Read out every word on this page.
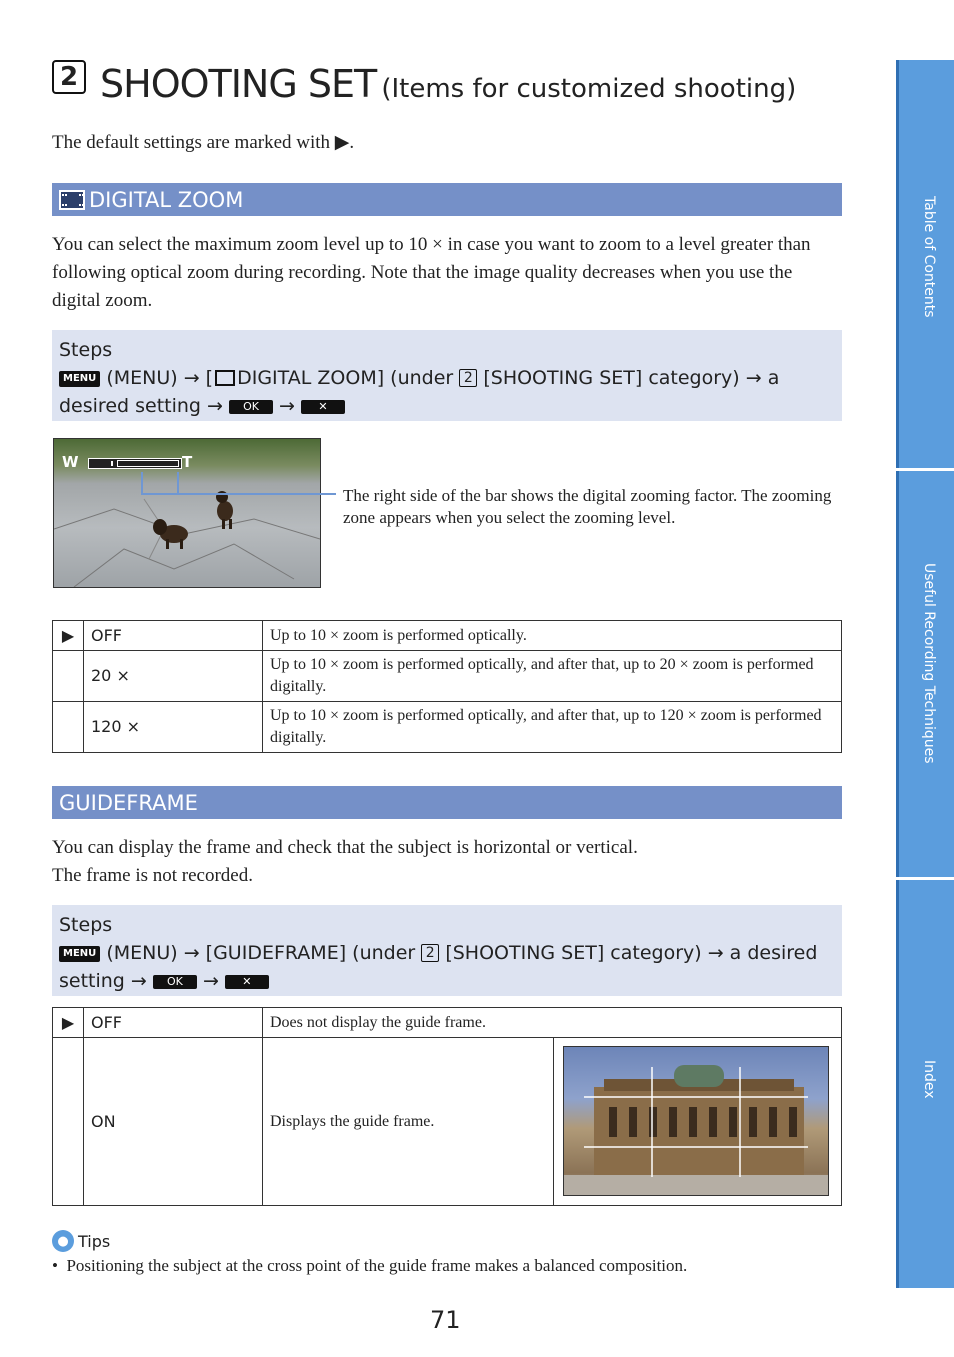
2 SHOOTING SET (Items for customized shooting)
The default settings are marked with ▶.
DIGITAL ZOOM
You can select the maximum zoom level up to 10 × in case you want to zoom to a level greater than following optical zoom during recording. Note that the image quality decreases when you use the digital zoom.
Steps
MENU (MENU) → [ DIGITAL ZOOM] (under 2 [SHOOTING SET] category) → a desired setting → OK → ✕
W	T
The right side of the bar shows the digital zooming factor. The zooming zone appears when you select the zooming level.
▶	OFF	Up to 10 × zoom is performed optically.
	20 ×	Up to 10 × zoom is performed optically, and after that, up to 20 × zoom is performed digitally.
	120 ×	Up to 10 × zoom is performed optically, and after that, up to 120 × zoom is performed digitally.
GUIDEFRAME
You can display the frame and check that the subject is horizontal or vertical.
The frame is not recorded.
Steps
MENU (MENU) → [GUIDEFRAME] (under 2 [SHOOTING SET] category) → a desired setting → OK → ✕
▶	OFF	Does not display the guide frame.	
	ON	Displays the guide frame.	
● Tips
•  Positioning the subject at the cross point of the guide frame makes a balanced composition.
71
Table of Contents
Useful Recording Techniques
Index
